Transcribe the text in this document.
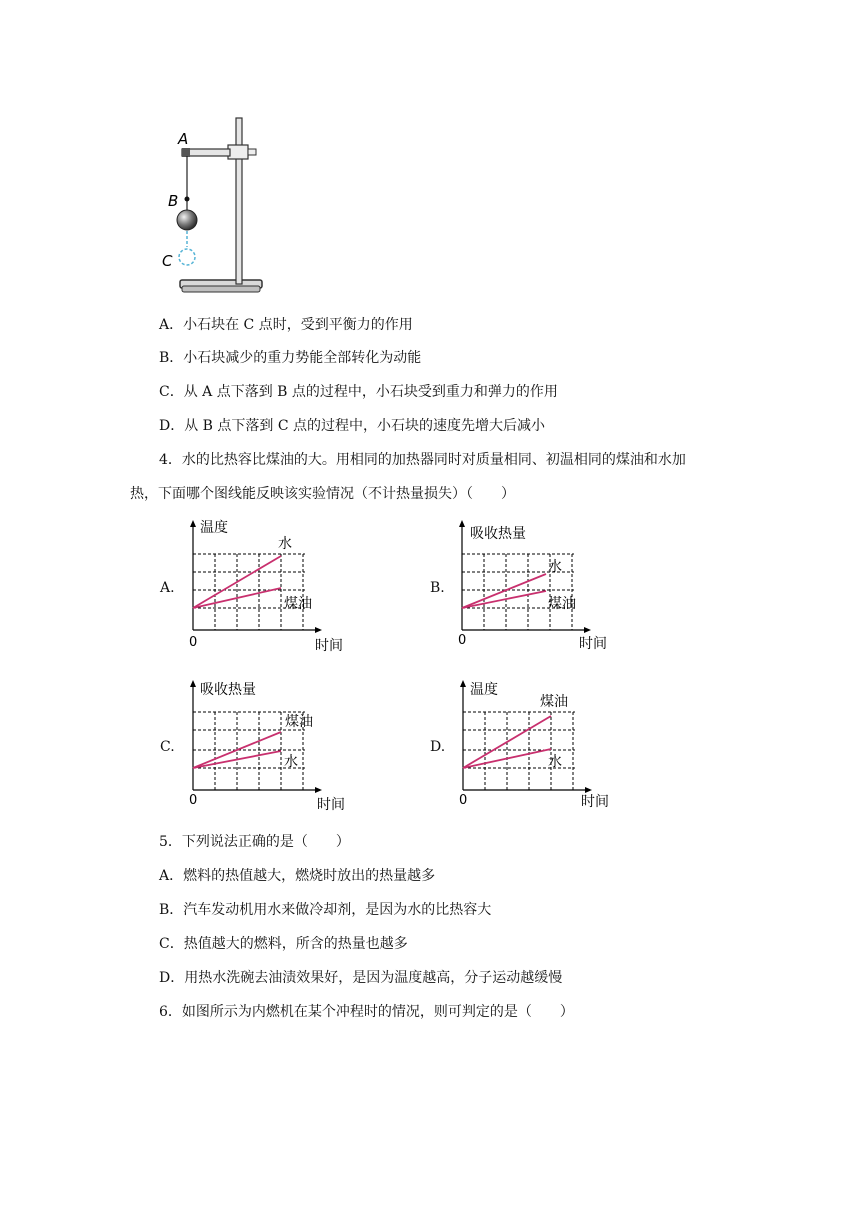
A
B
C
A．小石块在 C 点时，受到平衡力的作用
B．小石块减少的重力势能全部转化为动能
C．从 A 点下落到 B 点的过程中，小石块受到重力和弹力的作用
D．从 B 点下落到 C 点的过程中，小石块的速度先增大后减小
4．水的比热容比煤油的大。用相同的加热器同时对质量相同、初温相同的煤油和水加
热，下面哪个图线能反映该实验情况（不计热量损失）（　　）
A.	B.
C.	D.
温度
水
煤油
0	时间
吸收热量
水
煤油
0	时间
吸收热量
煤油
水
0	时间
温度
煤油
水
0	时间
5．下列说法正确的是（　　）
A．燃料的热值越大，燃烧时放出的热量越多
B．汽车发动机用水来做冷却剂，是因为水的比热容大
C．热值越大的燃料，所含的热量也越多
D．用热水洗碗去油渍效果好，是因为温度越高，分子运动越缓慢
6．如图所示为内燃机在某个冲程时的情况，则可判定的是（　　）
